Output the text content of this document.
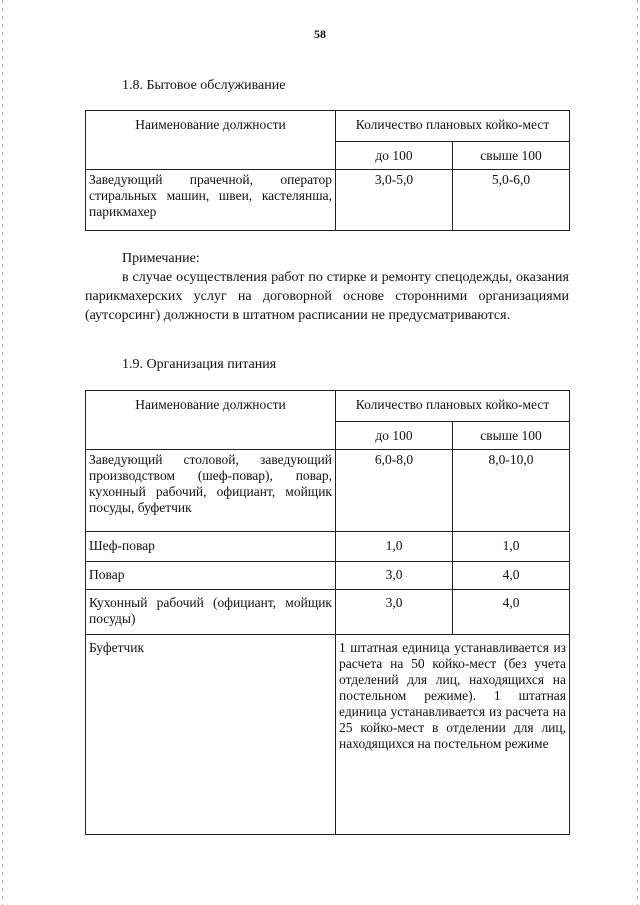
58
1.8. Бытовое обслуживание
Наименование должности	Количество плановых койко-мест	
	до 100	свыше 100
Заведующий прачечной, оператор стиральных машин, швеи, кастелянша, парикмахер	3,0-5,0	5,0-6,0
Примечание:
в случае осуществления работ по стирке и ремонту спецодежды, оказания парикмахерских услуг на договорной основе сторонними организациями (аутсорсинг) должности в штатном расписании не предусматриваются.
1.9. Организация питания
Наименование должности	Количество плановых койко-мест	
	до 100	свыше 100
Заведующий столовой, заведующий производством (шеф-повар), повар, кухонный рабочий, официант, мойщик посуды, буфетчик	6,0-8,0	8,0-10,0
Шеф-повар	1,0	1,0
Повар	3,0	4,0
Кухонный рабочий (официант, мойщик посуды)	3,0	4,0
Буфетчик	1 штатная единица устанавливается из расчета на 50 койко-мест (без учета отделений для лиц, находящихся на постельном режиме). 1 штатная единица устанавливается из расчета на 25 койко-мест в отделении для лиц, находящихся на постельном режиме	
